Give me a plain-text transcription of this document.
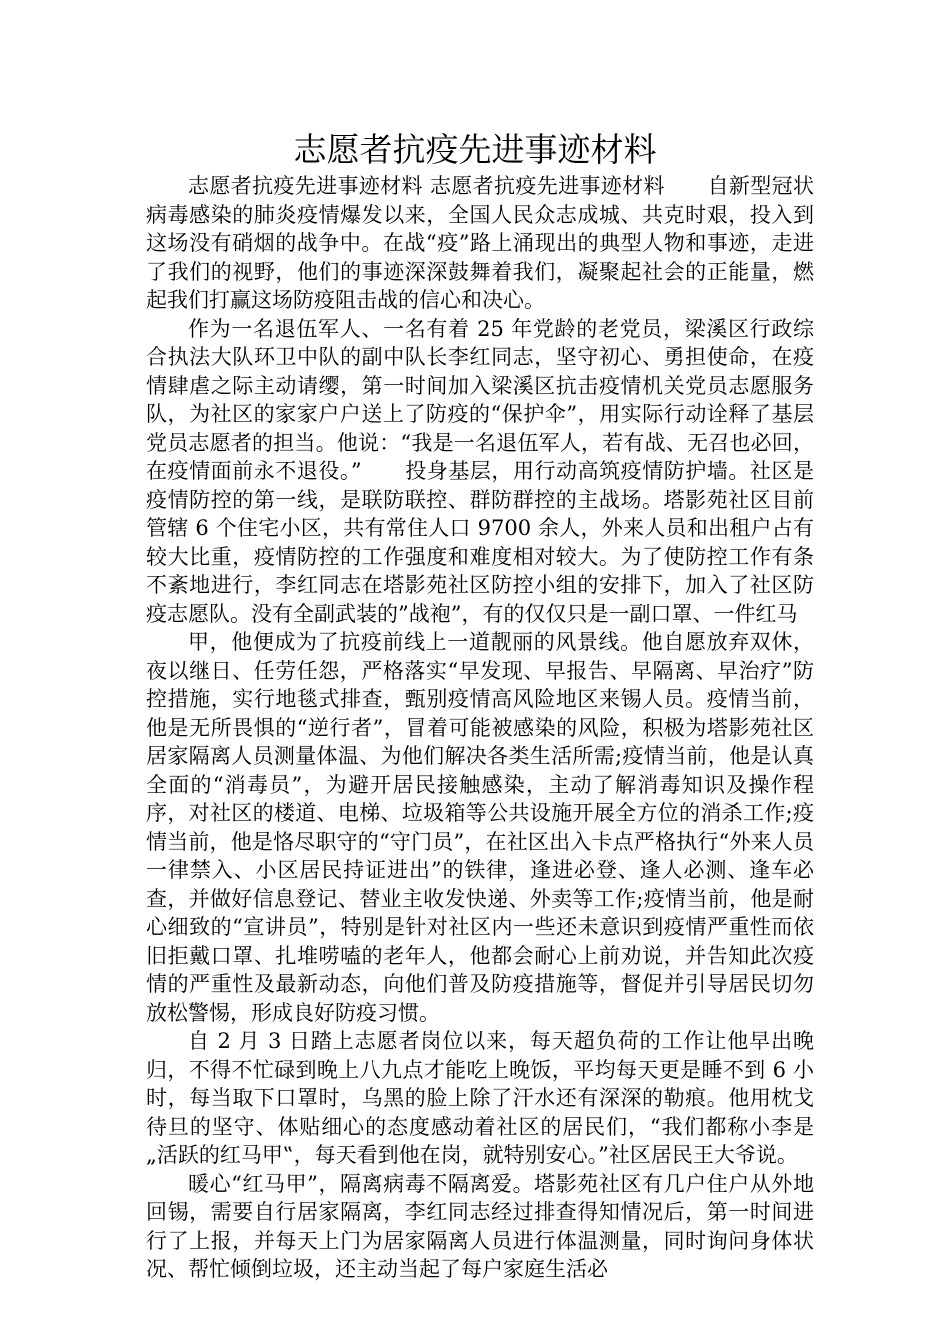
志愿者抗疫先进事迹材料

志愿者抗疫先进事迹材料 志愿者抗疫先进事迹材料　　自新型冠状病毒感染的肺炎疫情爆发以来，全国人民众志成城、共克时艰，投入到这场没有硝烟的战争中。在战“疫”路上涌现出的典型人物和事迹，走进了我们的视野，他们的事迹深深鼓舞着我们，凝聚起社会的正能量，燃起我们打赢这场防疫阻击战的信心和决心。

作为一名退伍军人、一名有着 25 年党龄的老党员，梁溪区行政综合执法大队环卫中队的副中队长李红同志，坚守初心、勇担使命，在疫情肆虐之际主动请缨，第一时间加入梁溪区抗击疫情机关党员志愿服务队，为社区的家家户户送上了防疫的“保护伞”，用实际行动诠释了基层党员志愿者的担当。他说：“我是一名退伍军人，若有战、无召也必回，在疫情面前永不退役。”　　投身基层，用行动高筑疫情防护墙。社区是疫情防控的第一线，是联防联控、群防群控的主战场。塔影苑社区目前管辖 6 个住宅小区，共有常住人口 9700 余人，外来人员和出租户占有较大比重，疫情防控的工作强度和难度相对较大。为了使防控工作有条不紊地进行，李红同志在塔影苑社区防控小组的安排下，加入了社区防疫志愿队。没有全副武装的”战袍”，有的仅仅只是一副口罩、一件红马

甲，他便成为了抗疫前线上一道靓丽的风景线。他自愿放弃双休，夜以继日、任劳任怨，严格落实“早发现、早报告、早隔离、早治疗”防控措施，实行地毯式排查，甄别疫情高风险地区来锡人员。疫情当前，他是无所畏惧的“逆行者”，冒着可能被感染的风险，积极为塔影苑社区居家隔离人员测量体温、为他们解决各类生活所需;疫情当前，他是认真全面的“消毒员”，为避开居民接触感染，主动了解消毒知识及操作程序，对社区的楼道、电梯、垃圾箱等公共设施开展全方位的消杀工作;疫情当前，他是恪尽职守的“守门员”，在社区出入卡点严格执行“外来人员一律禁入、小区居民持证进出”的铁律，逢进必登、逢人必测、逢车必查，并做好信息登记、替业主收发快递、外卖等工作;疫情当前，他是耐心细致的“宣讲员”，特别是针对社区内一些还未意识到疫情严重性而依旧拒戴口罩、扎堆唠嗑的老年人，他都会耐心上前劝说，并告知此次疫情的严重性及最新动态，向他们普及防疫措施等，督促并引导居民切勿放松警惕，形成良好防疫习惯。

自 2 月 3 日踏上志愿者岗位以来，每天超负荷的工作让他早出晚归，不得不忙碌到晚上八九点才能吃上晚饭，平均每天更是睡不到 6 小时，每当取下口罩时，乌黑的脸上除了汗水还有深深的勒痕。他用枕戈待旦的坚守、体贴细心的态度感动着社区的居民们，“我们都称小李是„活跃的红马甲‟，每天看到他在岗，就特别安心。”社区居民王大爷说。

暖心“红马甲”，隔离病毒不隔离爱。塔影苑社区有几户住户从外地回锡，需要自行居家隔离，李红同志经过排查得知情况后，第一时间进行了上报，并每天上门为居家隔离人员进行体温测量，同时询问身体状况、帮忙倾倒垃圾，还主动当起了每户家庭生活必
